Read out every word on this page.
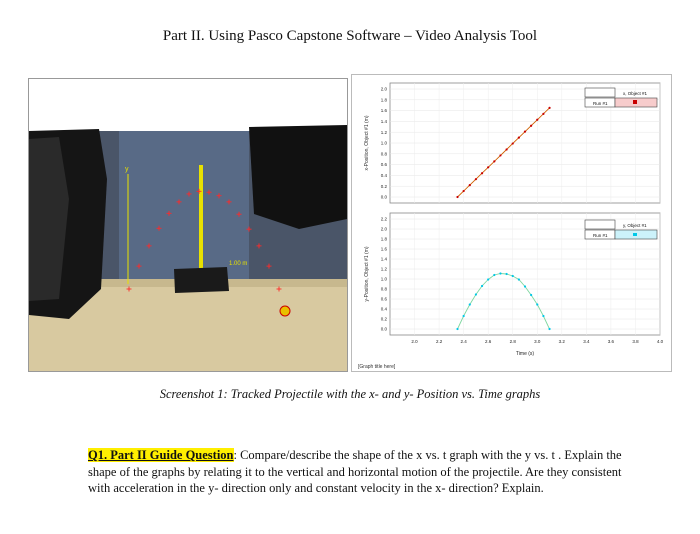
Part II. Using Pasco Capstone Software – Video Analysis Tool
1.00 m
y	x-Position, Object #1 (m)
0.0
0.2
0.4
0.6
0.8
1.0
1.2
1.4
1.6
1.8
2.0
x, Object #1
Run #1
y-Position, Object #1 (m)
0.0
0.2
0.4
0.6
0.8
1.0
1.2
1.4
1.6
1.8
2.0
2.2
y, Object #1
Run #1
2.0	2.2	2.4	2.6	2.8	3.0	3.2	3.4	3.6	3.8	4.0
Time (s)
[Graph title here]
Screenshot 1: Tracked Projectile with the x- and y- Position vs. Time graphs
Q1. Part II Guide Question: Compare/describe the shape of the x vs. t graph with the y vs. t . Explain the shape of the graphs by relating it to the vertical and horizontal motion of the projectile. Are they consistent with acceleration in the y- direction only and constant velocity in the x- direction? Explain.
